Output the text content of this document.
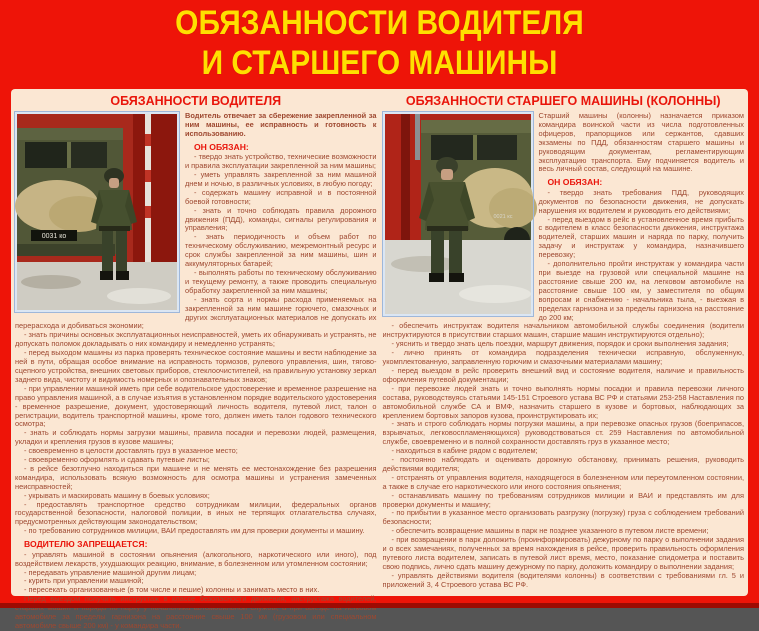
ОБЯЗАННОСТИ ВОДИТЕЛЯ
И СТАРШЕГО МАШИНЫ
ОБЯЗАННОСТИ ВОДИТЕЛЯ
0031 ко

Водитель отвечает за сбережение закрепленной за ним машины, ее исправность и готовность к использованию.

ОН ОБЯЗАН:

- твердо знать устройство, технические возможности и правила эксплуатации закрепленной за ним машины;

- уметь управлять закрепленной за ним машиной днем и ночью, в различных условиях, в любую погоду;

- содержать машину исправной и в постоянной боевой готовности;

- знать и точно соблюдать правила дорожного движения (ПДД), команды, сигналы регулирования и управления;

- знать периодичность и объем работ по техническому обслуживанию, межремонтный ресурс и срок службы закрепленной за ним машины, шин и аккумуляторных батарей;

- выполнять работы по техническому обслуживанию и текущему ремонту, а также проводить специальную обработку закрепленной за ним машины;

- знать сорта и нормы расхода применяемых на закрепленной за ним машине горючего, смазочных и других эксплуатационных материалов не допускать их перерасхода и добиваться экономии;

- знать причины основных эксплуатационных неисправностей, уметь их обнаруживать и устранять, не допускать поломок докладывать о них командиру и немедленно устранять;

- перед выходом машины из парка проверять техническое состояние машины и вести наблюдение за ней в пути, обращая особое внимание на исправность тормозов, рулевого управления, шин, тягово-сцепного устройства, внешних световых приборов, стеклоочистителей, на правильную установку зеркал заднего вида, чистоту и видимость номерных и опознавательных знаков;

- при управлении машиной иметь при себе водительское удостоверение и временное разрешение на право управления машиной, а в случае изъятия в установленном порядке водительского удостоверения - временное разрешение, документ, удостоверяющий личность водителя, путевой лист, талон о регистрации, водитель транспортной машины, кроме того, должен иметь талон годового технического осмотра;

- знать и соблюдать нормы загрузки машины, правила посадки и перевозки людей, размещения, укладки и крепления грузов в кузове машины;

- своевременно в целости доставлять груз в указанное место;

- своевременно оформлять и сдавать путевые листы;

- в рейсе безотлучно находиться при машине и не менять ее местонахождение без разрешения командира, использовать всякую возможность для осмотра машины и устранения замеченных неисправностей;

- укрывать и маскировать машину в боевых условиях;

- предоставлять транспортное средство сотрудникам милиции, федеральных органов государственной безопасности, налоговой полиции, в иных не терпящих отлагательства случаях, предусмотренных действующим законодательством;

- по требованию сотрудников милиции, ВАИ предоставлять им для проверки документы и машину.

ВОДИТЕЛЮ ЗАПРЕЩАЕТСЯ:

- управлять машиной в состоянии опьянения (алкогольного, наркотического или иного), под воздействием лекарств, ухудшающих реакцию, внимание, в болезненном или утомленном состоянии;

- передавать управление машиной другим лицам;

- курить при управлении машиной;

- пересекать организованные (в том числе и пешие) колонны и занимать место в них.

Перед выездом получить инструктаж в классе безопасности движения, инструктажа водителей, автомобиле за пределы гарнизона на расстояние свыше 100 км (грузовом или специальном автомобиле свыше 200 км) - у командира части.

ОБЯЗАННОСТИ СТАРШЕГО МАШИНЫ (КОЛОННЫ)
0021 кс

Старший машины (колонны) назначается приказом командира воинской части из числа подготовленных офицеров, прапорщиков или сержантов, сдавших экзамены по ПДД, обязанностям старшего машины и руководящим документам, регламентирующим эксплуатацию транспорта. Ему подчиняется водитель и весь личный состав, следующий на машине.

ОН ОБЯЗАН:

- твердо знать требования ПДД, руководящих документов по безопасности движения, не допускать нарушения их водителем и руководить его действиями;

- перед выездом в рейс в установленное время прибыть с водителем в класс безопасности движения, инструктажа водителей, старших машин и наряда по парку, получить задачу и инструктаж у командира, назначившего перевозку;

- дополнительно пройти инструктаж у командира части при выезде на грузовой или специальной машине на расстояние свыше 200 км, на легковом автомобиле на расстояние свыше 100 км, у заместителя по общим вопросам и снабжению - начальника тыла, - выезжая в пределах гарнизона и за пределы гарнизона на расстояние до 200 км;

- обеспечить инструктаж водителя начальником автомобильной службы соединения (водители инструктируются в присутствии старших машин, старшие машин инструктируются отдельно);

- уяснить и твердо знать цель поездки, маршрут движения, порядок и сроки выполнения задания;

- лично принять от командира подразделения технически исправную, обслуженную, укомплектованную, заправленную горючим и смазочными материалами машину;

- перед выездом в рейс проверить внешний вид и состояние водителя, наличие и правильность оформления путевой документации;

- при перевозке людей знать и точно выполнять нормы посадки и правила перевозки личного состава, руководствуясь статьями 145-151 Строевого устава ВС РФ и статьями 253-258 Наставления по автомобильной службе СА и ВМФ, назначить старшего в кузове и бортовых, наблюдающих за креплением бортовых запоров кузова, проинструктировать их;

- знать и строго соблюдать нормы погрузки машины, а при перевозке опасных грузов (боеприпасов, взрывчатых, легковоспламеняющихся) руководствоваться ст. 259 Наставления по автомобильной службе, своевременно и в полной сохранности доставлять груз в указанное место;

- находиться в кабине рядом с водителем;

- постоянно наблюдать и оценивать дорожную обстановку, принимать решения, руководить действиями водителя;

- отстранять от управления водителя, находящегося в болезненном или переутомленном состоянии, а также в случае его наркотического или иного состояния опьянения;

- останавливать машину по требованиям сотрудников милиции и ВАИ и представлять им для проверки документы и машину;

- по прибытии в указанное место организовать разгрузку (погрузку) груза с соблюдением требований безопасности;

- обеспечить возвращение машины в парк не позднее указанного в путевом листе времени;

- при возвращении в парк доложить (проинформировать) дежурному по парку о выполнении задания и о всех замечаниях, полученных за время нахождения в рейсе, проверить правильность оформления путевого листа водителем, записать в путевой лист время, место, показание спидометра и поставить свою подпись, лично сдать машину дежурному по парку, доложить командиру о выполнении задания;

- управлять действиями водителя (водителями колонны) в соответствии с требованиями гл. 5 и приложений 3, 4 Строевого устава ВС РФ.
